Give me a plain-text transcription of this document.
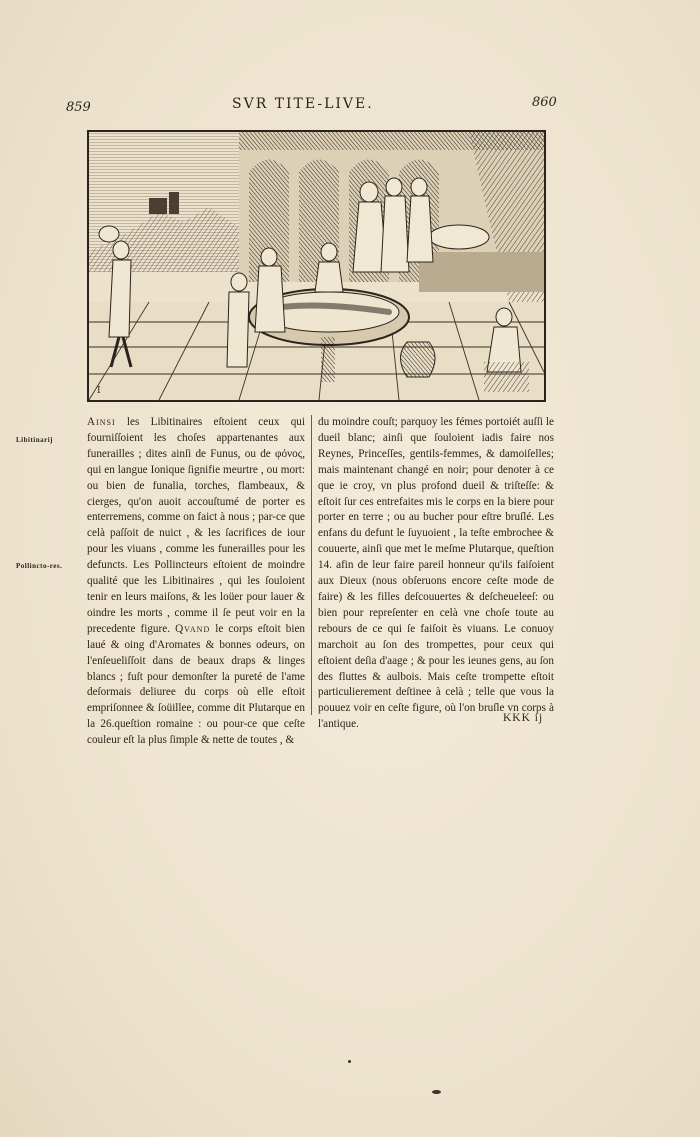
859	SVR TITE-LIVE.	860
I
Libitinarij
Pollincto-res.

Ainsi les Libitinaires eſtoient ceux qui fourniſſoient les choſes appartenantes aux funerailles ; dites ainſi de Funus, ou de φόνος, qui en langue Ionique ſignifie meurtre , ou mort: ou bien de funalia, torches, flambeaux, & cierges, qu'on auoit accouſtumé de porter es enterremens, comme on faict à nous ; par-ce que celà paſſoit de nuict , & les ſacrifices de iour pour les viuans , comme les funerailles pour les defuncts. Les Pollincteurs eſtoient de moindre qualité que les Libitinaires , qui les ſouloient tenir en leurs maiſons, & les loüer pour lauer & oindre les morts , comme il ſe peut voir en la precedente figure. Qvand le corps eſtoit bien laué & oing d'Aromates & bonnes odeurs, on l'enſeueliſſoit dans de beaux draps & linges blancs ; fuſt pour demonſter la pureté de l'ame deſormais deliuree du corps où elle eſtoit empriſonnee & ſoüillee, comme dit Plutarque en la 26.queſtion romaine : ou pour-ce que ceſte couleur eſt la plus ſimple & nette de toutes , &

du moindre couſt; parquoy les fémes portoiét auſſi le dueil blanc; ainſi que ſouloient iadis faire nos Reynes, Princeſſes, gentils-femmes, & damoiſelles; mais maintenant changé en noir; pour denoter à ce que ie croy, vn plus profond dueil & triſteſſe: & eſtoit ſur ces entrefaites mis le corps en la biere pour porter en terre ; ou au bucher pour eſtre bruſlé. Les enfans du defunt le ſuyuoient , la teſte embrochee & couuerte, ainſi que met le meſme Plutarque, queſtion 14. afin de leur faire pareil honneur qu'ils faiſoient aux Dieux (nous obſeruons encore ceſte mode de faire) & les filles deſcouuertes & deſcheueleeſ: ou bien pour repreſenter en celà vne choſe toute au rebours de ce qui ſe faiſoit ès viuans. Le conuoy marchoit au ſon des trompettes, pour ceux qui eſtoient deſia d'aage ; & pour les ieunes gens, au ſon des fluttes & aulbois. Mais ceſte trompette eſtoit particulierement deſtinee à celà ; telle que vous la pouuez voir en ceſte figure, où l'on bruſle vn corps à l'antique.

KKK ij
